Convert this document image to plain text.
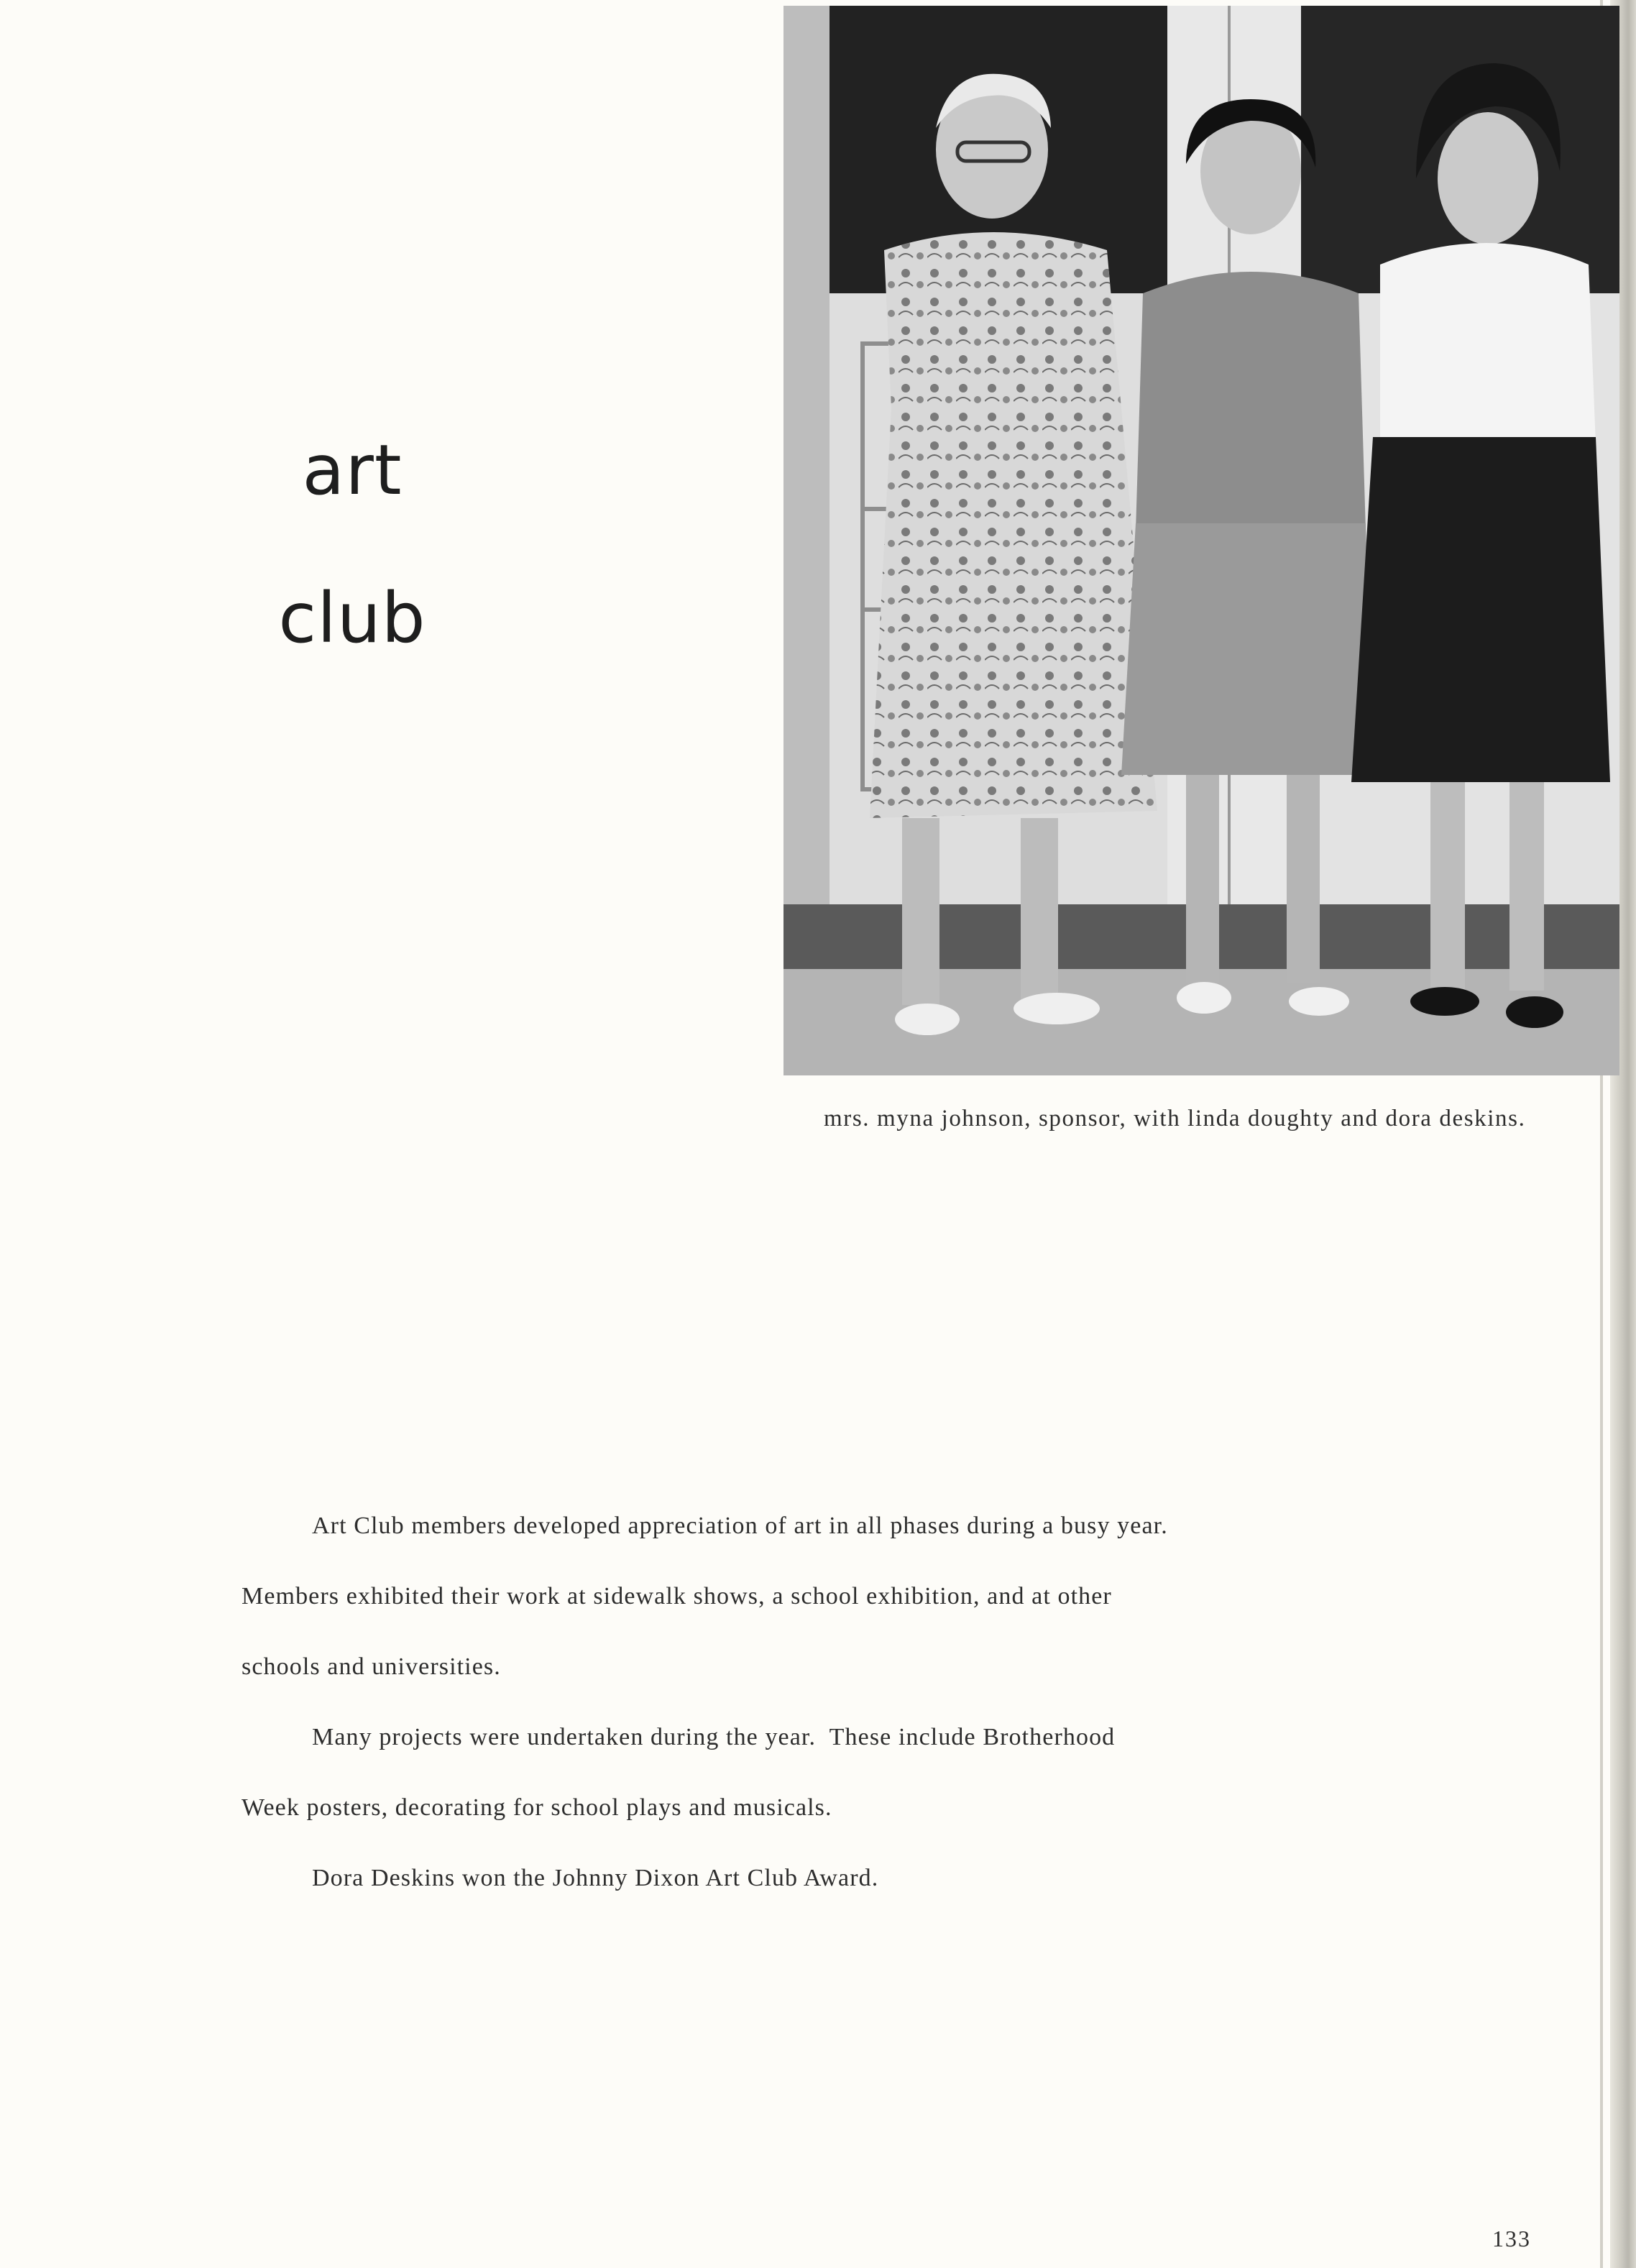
art
club
mrs. myna johnson, sponsor, with linda doughty and dora deskins.
Art Club members developed appreciation of art in all phases during a busy year.
Members exhibited their work at sidewalk shows, a school exhibition, and at other
schools and universities.
Many projects were undertaken during the year.  These include Brotherhood
Week posters, decorating for school plays and musicals.
Dora Deskins won the Johnny Dixon Art Club Award.
133
